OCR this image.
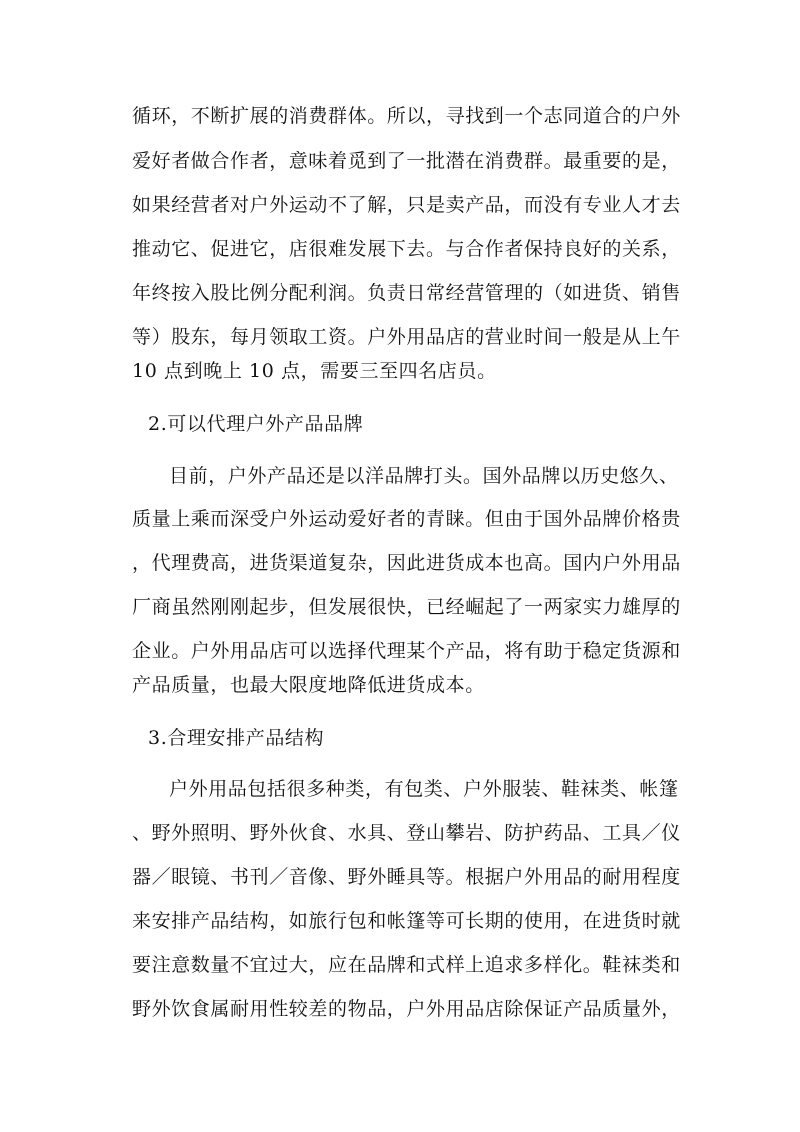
循环，不断扩展的消费群体。所以，寻找到一个志同道合的户外
爱好者做合作者，意味着觅到了一批潜在消费群。最重要的是，
如果经营者对户外运动不了解，只是卖产品，而没有专业人才去
推动它、促进它，店很难发展下去。与合作者保持良好的关系，
年终按入股比例分配利润。负责日常经营管理的（如进货、销售
等）股东，每月领取工资。户外用品店的营业时间一般是从上午
10 点到晚上 10 点，需要三至四名店员。
2.可以代理户外产品品牌
目前，户外产品还是以洋品牌打头。国外品牌以历史悠久、
质量上乘而深受户外运动爱好者的青睐。但由于国外品牌价格贵
，代理费高，进货渠道复杂，因此进货成本也高。国内户外用品
厂商虽然刚刚起步，但发展很快，已经崛起了一两家实力雄厚的
企业。户外用品店可以选择代理某个产品，将有助于稳定货源和
产品质量，也最大限度地降低进货成本。
3.合理安排产品结构
户外用品包括很多种类，有包类、户外服装、鞋袜类、帐篷
、野外照明、野外伙食、水具、登山攀岩、防护药品、工具／仪
器／眼镜、书刊／音像、野外睡具等。根据户外用品的耐用程度
来安排产品结构，如旅行包和帐篷等可长期的使用，在进货时就
要注意数量不宜过大，应在品牌和式样上追求多样化。鞋袜类和
野外饮食属耐用性较差的物品，户外用品店除保证产品质量外，
